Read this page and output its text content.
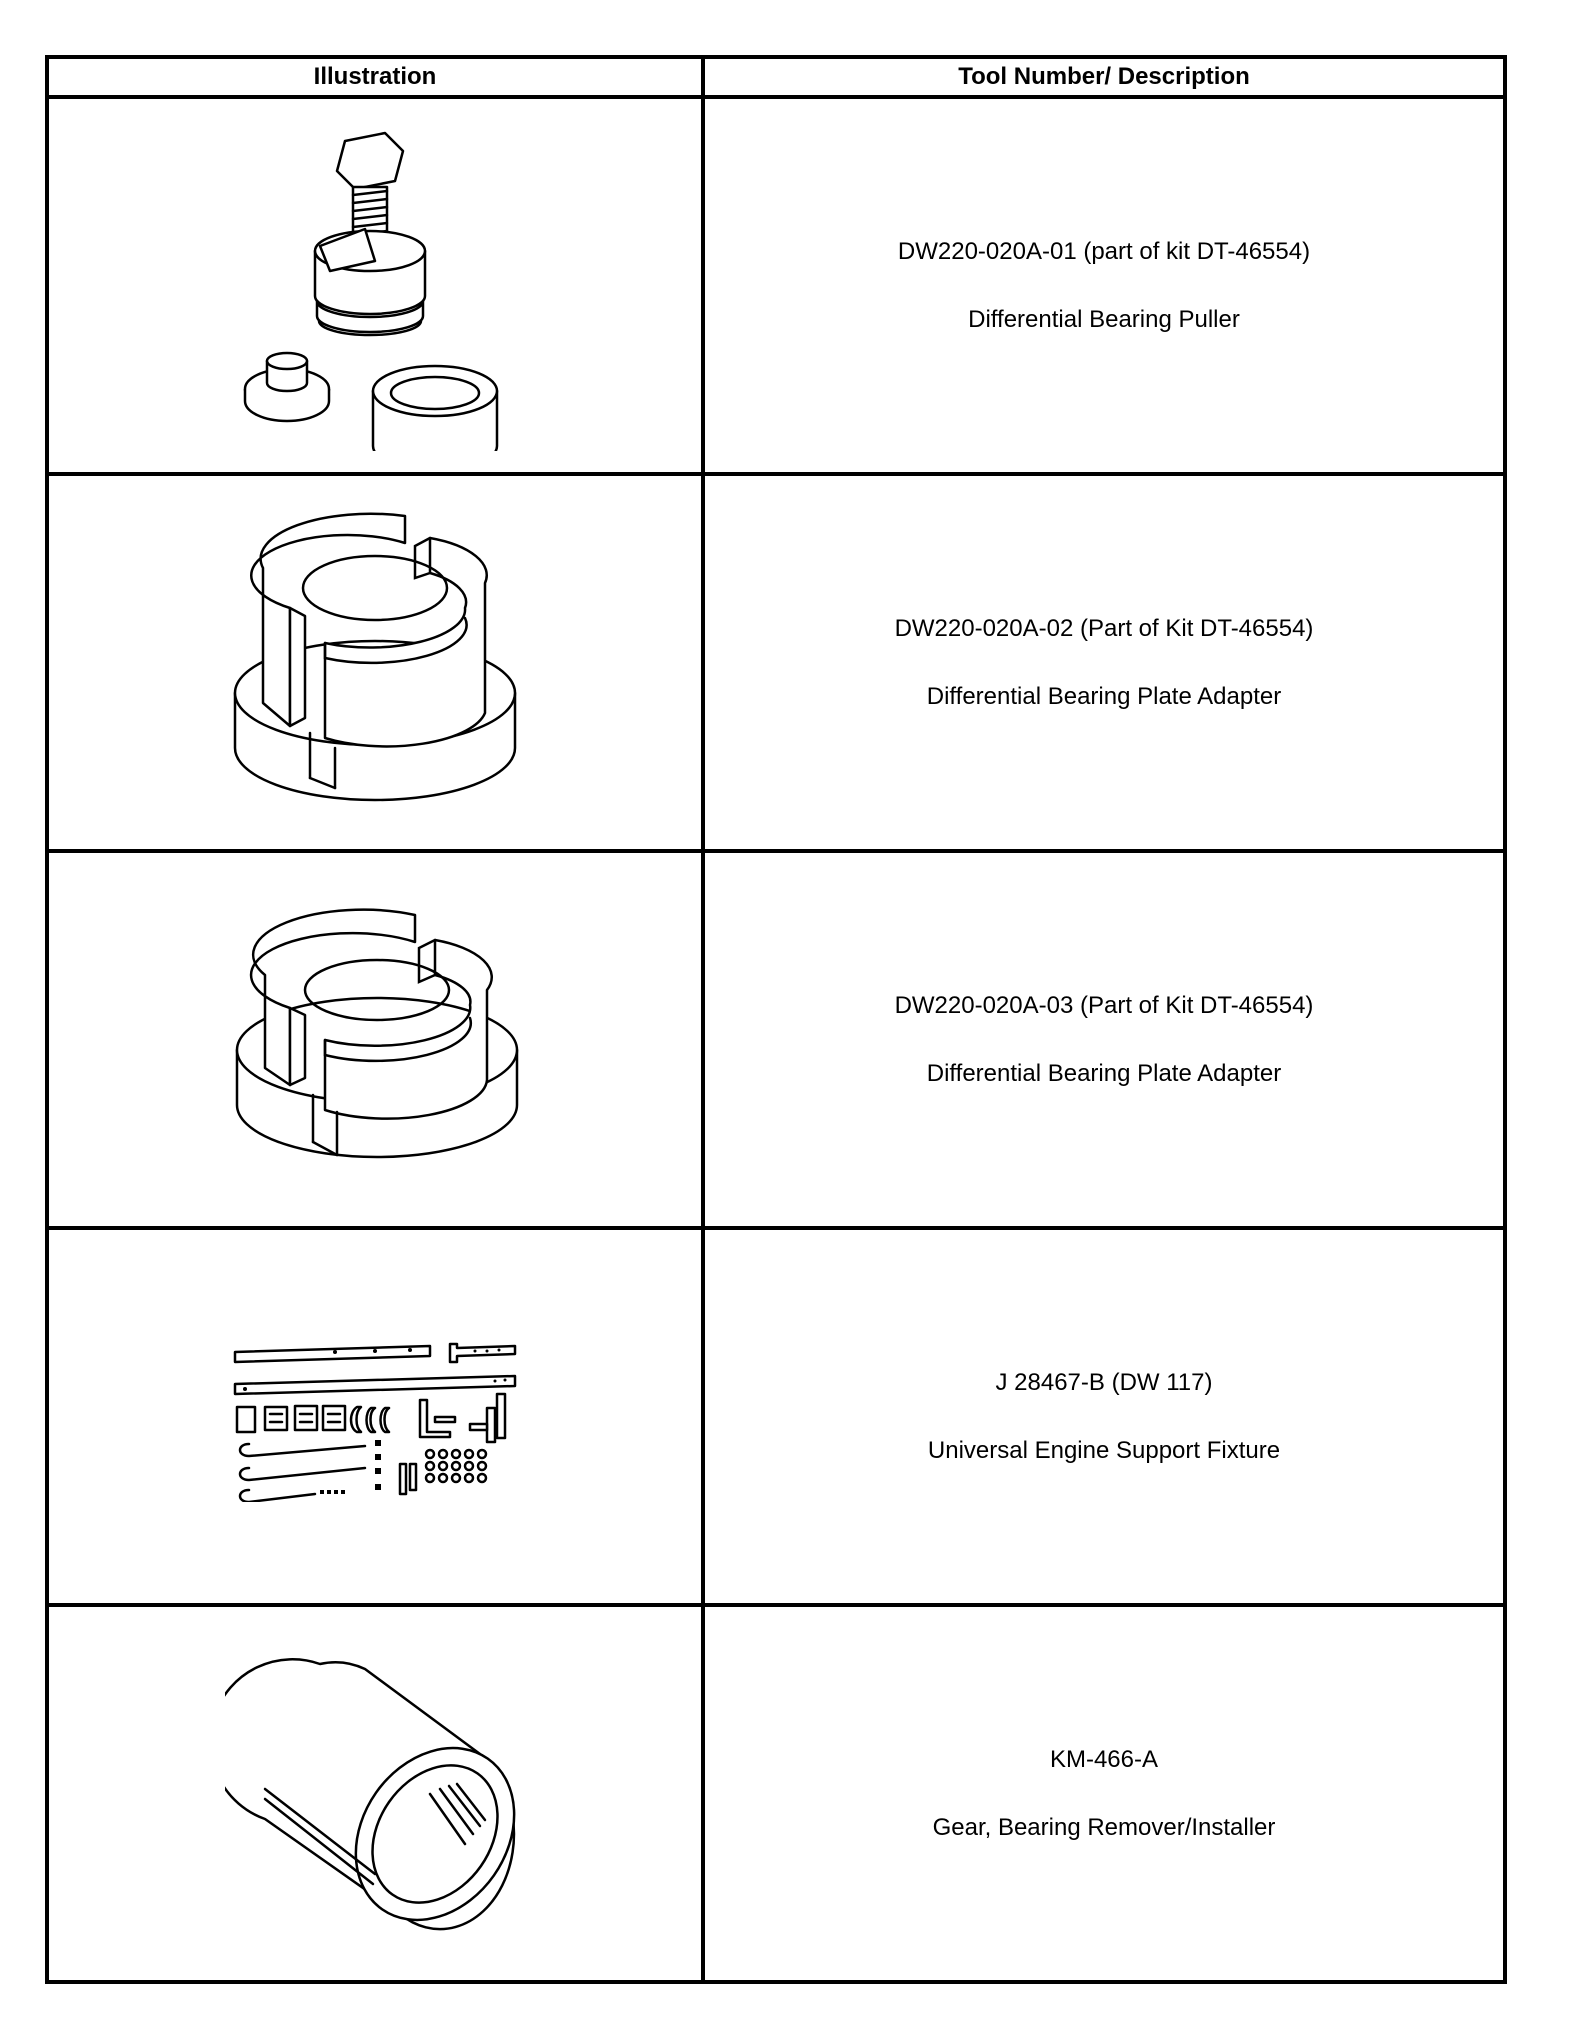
Illustration	Tool Number/ Description

DW220-020A-01 (part of kit DT-46554)
Differential Bearing Puller

DW220-020A-02 (Part of Kit DT-46554)
Differential Bearing Plate Adapter

DW220-020A-03 (Part of Kit DT-46554)
Differential Bearing Plate Adapter

J 28467-B (DW 117)
Universal Engine Support Fixture

KM-466-A
Gear, Bearing Remover/Installer
